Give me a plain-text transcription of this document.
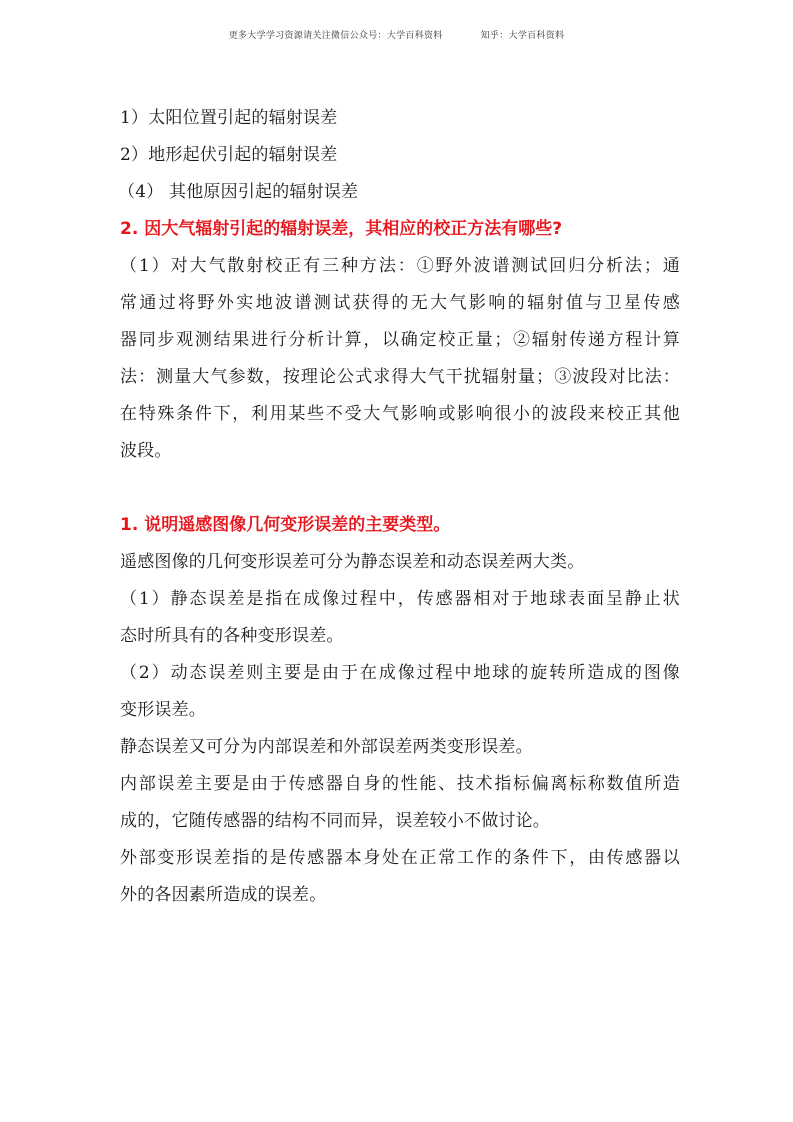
更多大学学习资源请关注微信公众号：大学百科资料	知乎：大学百科资料
1）太阳位置引起的辐射误差
2）地形起伏引起的辐射误差
（4） 其他原因引起的辐射误差
2. 因大气辐射引起的辐射误差，其相应的校正方法有哪些?
（1）对大气散射校正有三种方法：①野外波谱测试回归分析法；通
常通过将野外实地波谱测试获得的无大气影响的辐射值与卫星传感
器同步观测结果进行分析计算，以确定校正量；②辐射传递方程计算
法：测量大气参数，按理论公式求得大气干扰辐射量；③波段对比法：
在特殊条件下，利用某些不受大气影响或影响很小的波段来校正其他
波段。
1. 说明遥感图像几何变形误差的主要类型。
遥感图像的几何变形误差可分为静态误差和动态误差两大类。
（1）静态误差是指在成像过程中，传感器相对于地球表面呈静止状
态时所具有的各种变形误差。
（2）动态误差则主要是由于在成像过程中地球的旋转所造成的图像
变形误差。
静态误差又可分为内部误差和外部误差两类变形误差。
内部误差主要是由于传感器自身的性能、技术指标偏离标称数值所造
成的，它随传感器的结构不同而异，误差较小不做讨论。
外部变形误差指的是传感器本身处在正常工作的条件下，由传感器以
外的各因素所造成的误差。
